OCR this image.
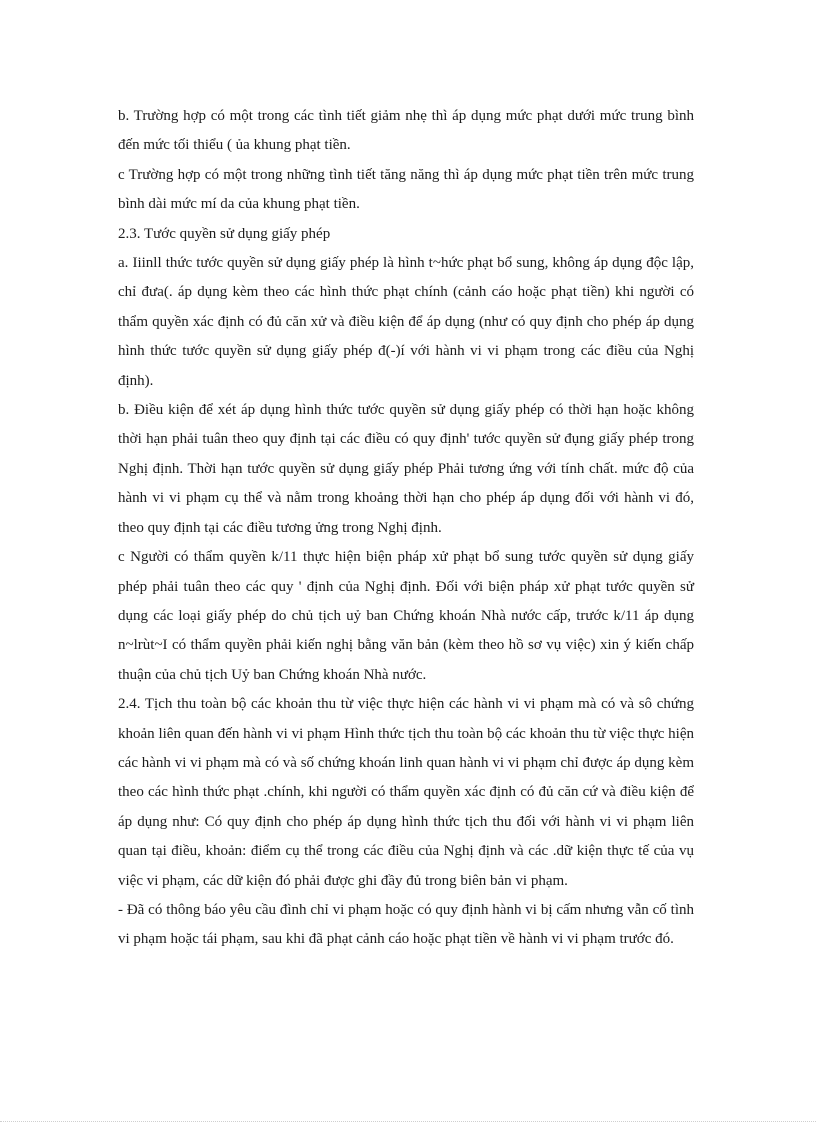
b. Trường hợp có một trong các tình tiết giảm nhẹ thì áp dụng mức phạt dưới mức trung bình đến mức tối thiểu ( ủa khung phạt tiền.

c Trường hợp có một trong những tình tiết tăng năng thì áp dụng mức phạt tiền trên mức trung bình dài mức mí da của khung phạt tiền.

2.3. Tước quyền sử dụng giấy phép

a. Iiinll thức tước quyền sử dụng giấy phép là hình t~hức phạt bổ sung, không áp dụng độc lập, chỉ đưa(. áp dụng kèm theo các hình thức phạt chính (cảnh cáo hoặc phạt tiền) khi người có thẩm quyền xác định có đủ căn xử và điều kiện để áp dụng (như có quy định cho phép áp dụng hình thức tước quyền sử dụng giấy phép đ(-)í với hành vi vi phạm trong các điều của Nghị định).

b. Điều kiện để xét áp dụng hình thức tước quyền sử dụng giấy phép có thời hạn hoặc không thời hạn phải tuân theo quy định tại các điều có quy định' tước quyền sử đụng giấy phép trong Nghị định. Thời hạn tước quyền sử dụng giấy phép Phải tương ứng với tính chất. mức độ của hành vi vi phạm cụ thể và nằm trong khoảng thời hạn cho phép áp dụng đối với hành vi đó, theo quy định tại các điều tương ửng trong Nghị định.

c Người có thẩm quyền k/11 thực hiện biện pháp xử phạt bổ sung tước quyền sử dụng giấy phép phải tuân theo các quy ' định của Nghị định. Đối với biện pháp xử phạt tước quyền sử dụng các loại giấy phép do chủ tịch uỷ ban Chứng khoán Nhà nước cấp, trước k/11 áp dụng n~lrùt~I có thẩm quyền phải kiến nghị bằng văn bản (kèm theo hồ sơ vụ việc) xin ý kiến chấp thuận của chủ tịch Uỷ ban Chứng khoán Nhà nước.

2.4. Tịch thu toàn bộ các khoản thu từ việc thực hiện các hành vi vi phạm mà có và sô chứng khoản liên quan đến hành vi vi phạm Hình thức tịch thu toàn bộ các khoản thu từ việc thực hiện các hành vi vi phạm mà có và số chứng khoán linh quan hành vi vi phạm chỉ được áp dụng kèm theo các hình thức phạt .chính, khi người có thẩm quyền xác định có đủ căn cứ và điều kiện để áp dụng như: Có quy định cho phép áp dụng hình thức tịch thu đối với hành vi vi phạm liên quan tại điều, khoản: điểm cụ thể trong các điều của Nghị định và các .dữ kiện thực tế của vụ việc vi phạm, các dữ kiện đó phải được ghi đầy đủ trong biên bản vi phạm.

- Đã có thông báo yêu cầu đình chỉ vi phạm hoặc có quy định hành vi bị cấm nhưng vẫn cố tình vi phạm hoặc tái phạm, sau khi đã phạt cảnh cáo hoặc phạt tiền về hành vi vi phạm trước đó.
